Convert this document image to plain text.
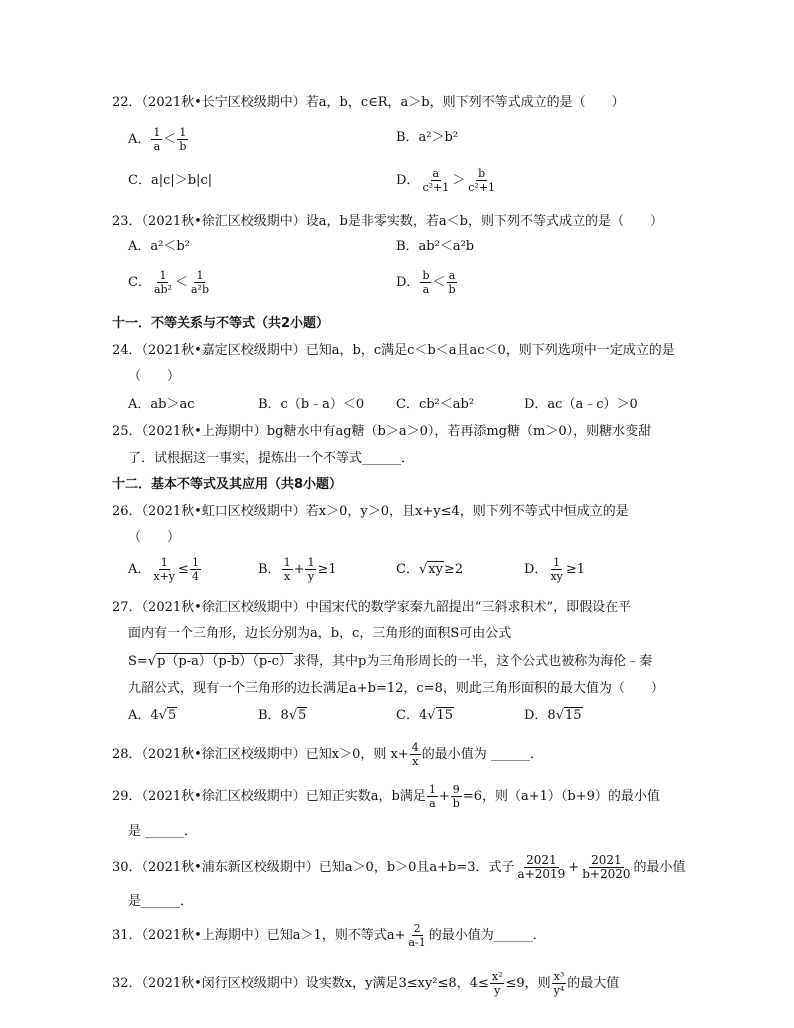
22．（2021秋•长宁区校级期中）若a，b，c∈R，a＞b，则下列不等式成立的是（　　）
A． $\frac{1}{a} < \frac{1}{b}$	B．a²＞b²
C．a|c|＞b|c|	D． $\frac{a}{\text{c²+1}} > \frac{b}{\text{c²+1}}$
23．（2021秋•徐汇区校级期中）设a，b是非零实数，若a＜b，则下列不等式成立的是（　　）
A．a²＜b²	B．ab²＜a²b
C． $\frac{1}{\text{ab²}} < \frac{1}{\text{a²b}}$	D． $\frac{b}{a} < \frac{a}{b}$
十一．不等关系与不等式（共2小题）
24．（2021秋•嘉定区校级期中）已知a，b，c满足c＜b＜a且ac＜0，则下列选项中一定成立的是
（　　）
A．ab＞ac	B．c（b﹣a）＜0 C．cb²＜ab²	D．ac（a﹣c）＞0
25．（2021秋•上海期中）bg糖水中有ag糖（b＞a＞0），若再添mg糖（m＞0），则糖水变甜
了．试根据这一事实，提炼出一个不等式______．
十二．基本不等式及其应用（共8小题）
26．（2021秋•虹口区校级期中）若x＞0，y＞0，且x+y≤4，则下列不等式中恒成立的是
（　　）
A． $\frac{1}{x+y} \le \frac{1}{4}$	B． $\frac{1}{x} + \frac{1}{y} \ge 1$	C．√xy≥2	D． $\frac{1}{xy} \ge 1$
27．（2021秋•徐汇区校级期中）中国宋代的数学家秦九韶提出“三斜求积术”，即假设在平
面内有一个三角形，边长分别为a，b，c，三角形的面积S可由公式
S=√p（p-a）（p-b）（p-c）求得，其中p为三角形周长的一半，这个公式也被称为海伦﹣秦
九韶公式，现有一个三角形的边长满足a+b=12，c=8，则此三角形面积的最大值为（　　）
A．4√5	B．8√5	C．4√15	D．8√15
28．（2021秋•徐汇区校级期中）已知x＞0，则 $x+ \frac{4}{x}$ 的最小值为 ______．
29．（2021秋•徐汇区校级期中）已知正实数a，b满足 $\frac{1}{a} + \frac{9}{b} =6$，则（a+1）（b+9）的最小值
是 ______．
30．（2021秋•浦东新区校级期中）已知a＞0，b＞0且a+b=3．式子 $\frac{2021}{a+2019} + \frac{2021}{b+2020}$ 的最小值
是______．
31．（2021秋•上海期中）已知a＞1，则不等式$a+ \frac{2}{a-1}$ 的最小值为______．
32．（2021秋•闵行区校级期中）设实数x，y满足3≤xy²≤8，$4\le \frac{\text{x²}}{y} \le 9$，则 $\frac{\text{x³}}{\text{y⁴}}$ 的最大值
